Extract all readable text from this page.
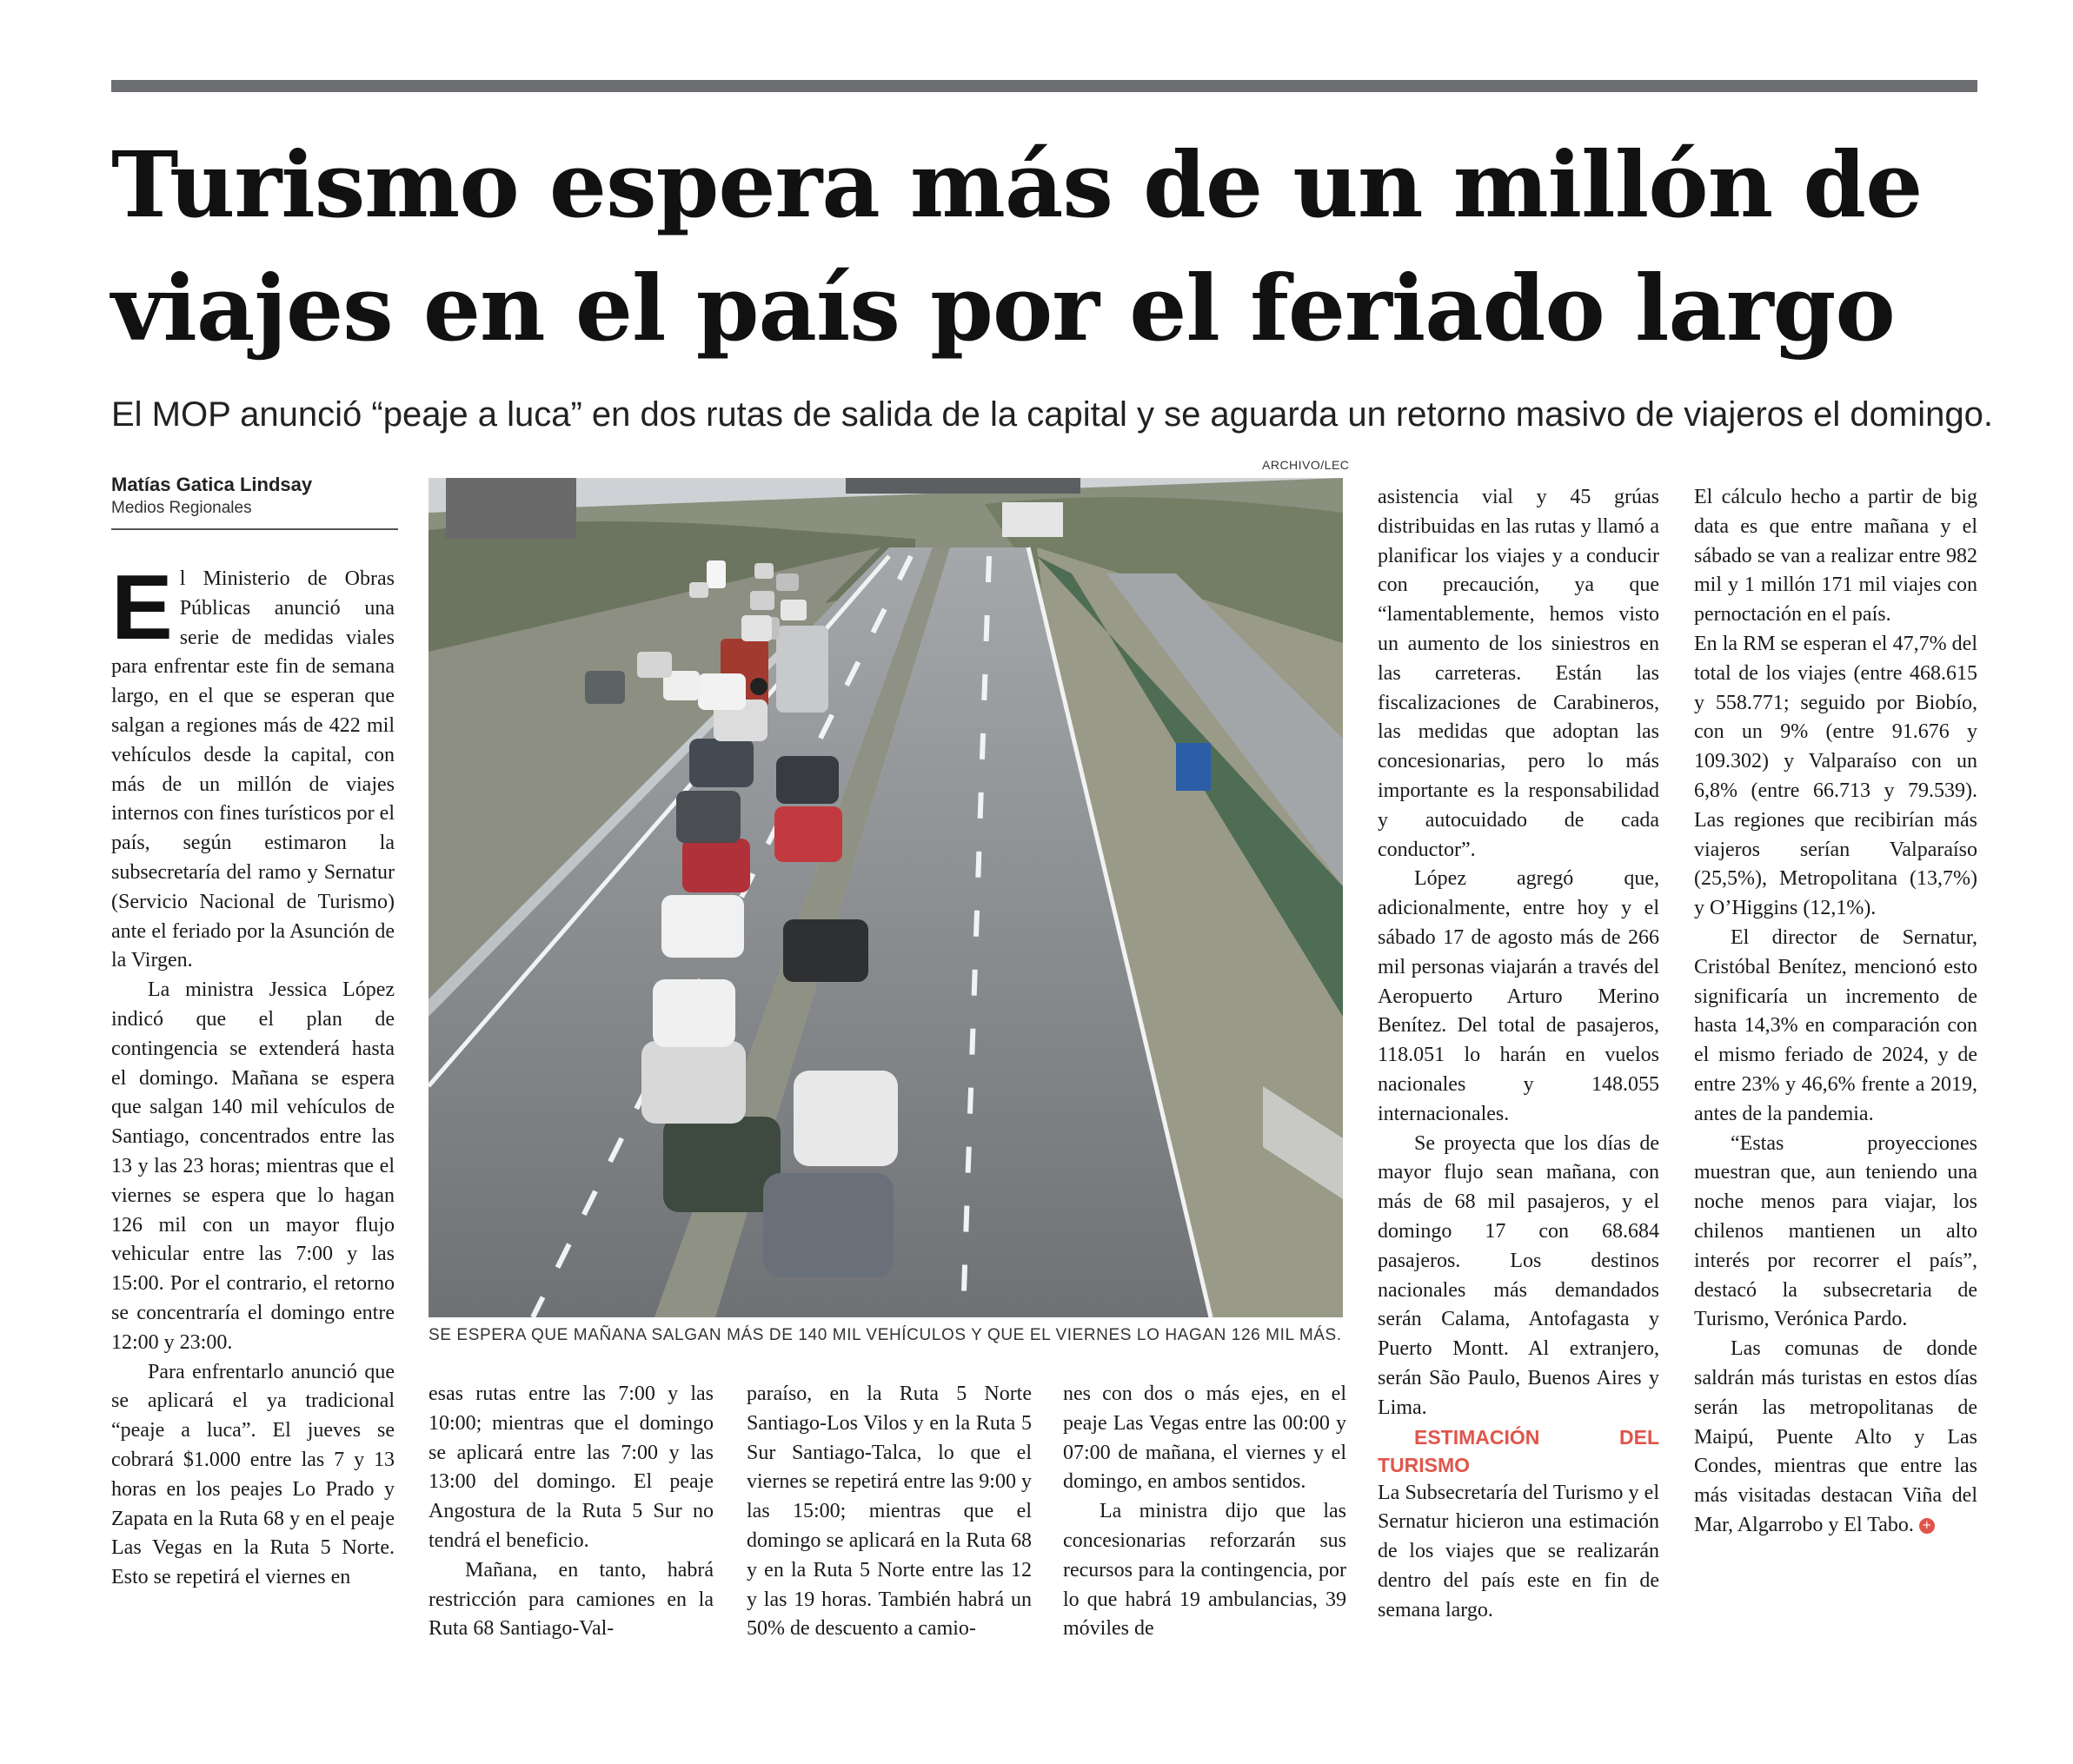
Turismo espera más de un millón de
viajes en el país por el feriado largo

El MOP anunció “peaje a luca” en dos rutas de salida de la capital y se aguarda un retorno masivo de viajeros el domingo.

Matías Gatica Lindsay
Medios Regionales

El Ministerio de Obras Públicas anunció una serie de medidas viales para enfrentar este fin de semana largo, en el que se esperan que salgan a regiones más de 422 mil vehículos desde la capital, con más de un millón de viajes internos con fines turísticos por el país, según estimaron la subsecretaría del ramo y Sernatur (Servicio Nacional de Turismo) ante el feriado por la Asunción de la Virgen.

La ministra Jessica López indicó que el plan de contingencia se extenderá hasta el domingo. Mañana se espera que salgan 140 mil vehículos de Santiago, concentrados entre las 13 y las 23 horas; mientras que el viernes se espera que lo hagan 126 mil con un mayor flujo vehicular entre las 7:00 y las 15:00. Por el contrario, el retorno se concentraría el domingo entre 12:00 y 23:00.

Para enfrentarlo anunció que se aplicará el ya tradicional “peaje a luca”. El jueves se cobrará $1.000 entre las 7 y 13 horas en los peajes Lo Prado y Zapata en la Ruta 68 y en el peaje Las Vegas en la Ruta 5 Norte. Esto se repetirá el viernes en

ARCHIVO/LEC
SE ESPERA QUE MAÑANA SALGAN MÁS DE 140 MIL VEHÍCULOS Y QUE EL VIERNES LO HAGAN 126 MIL MÁS.

esas rutas entre las 7:00 y las 10:00; mientras que el domingo se aplicará entre las 7:00 y las 13:00 del domingo. El peaje Angostura de la Ruta 5 Sur no tendrá el beneficio.

Mañana, en tanto, habrá restricción para camiones en la Ruta 68 Santiago-Val-

paraíso, en la Ruta 5 Norte Santiago-Los Vilos y en la Ruta 5 Sur Santiago-Talca, lo que el viernes se repetirá entre las 9:00 y las 15:00; mientras que el domingo se aplicará en la Ruta 68 y en la Ruta 5 Norte entre las 12 y las 19 horas. También habrá un 50% de descuento a camio-

nes con dos o más ejes, en el peaje Las Vegas entre las 00:00 y 07:00 de mañana, el viernes y el domingo, en ambos sentidos.

La ministra dijo que las concesionarias reforzarán sus recursos para la contingencia, por lo que habrá 19 ambulancias, 39 móviles de

asistencia vial y 45 grúas distribuidas en las rutas y llamó a planificar los viajes y a conducir con precaución, ya que “lamentablemente, hemos visto un aumento de los siniestros en las carreteras. Están las fiscalizaciones de Carabineros, las medidas que adoptan las concesionarias, pero lo más importante es la responsabilidad y autocuidado de cada conductor”.

López agregó que, adicionalmente, entre hoy y el sábado 17 de agosto más de 266 mil personas viajarán a través del Aeropuerto Arturo Merino Benítez. Del total de pasajeros, 118.051 lo harán en vuelos nacionales y 148.055 internacionales.

Se proyecta que los días de mayor flujo sean mañana, con más de 68 mil pasajeros, y el domingo 17 con 68.684 pasajeros. Los destinos nacionales más demandados serán Calama, Antofagasta y Puerto Montt. Al extranjero, serán São Paulo, Buenos Aires y Lima.

ESTIMACIÓN DEL TURISMO

La Subsecretaría del Turismo y el Sernatur hicieron una estimación de los viajes que se realizarán dentro del país este en fin de semana largo.

El cálculo hecho a partir de big data es que entre mañana y el sábado se van a realizar entre 982 mil y 1 millón 171 mil viajes con pernoctación en el país.

En la RM se esperan el 47,7% del total de los viajes (entre 468.615 y 558.771; seguido por Biobío, con un 9% (entre 91.676 y 109.302) y Valparaíso con un 6,8% (entre 66.713 y 79.539). Las regiones que recibirían más viajeros serían Valparaíso (25,5%), Metropolitana (13,7%) y O’Higgins (12,1%).

El director de Sernatur, Cristóbal Benítez, mencionó esto significaría un incremento de hasta 14,3% en comparación con el mismo feriado de 2024, y de entre 23% y 46,6% frente a 2019, antes de la pandemia.

“Estas proyecciones muestran que, aun teniendo una noche menos para viajar, los chilenos mantienen un alto interés por recorrer el país”, destacó la subsecretaria de Turismo, Verónica Pardo.

Las comunas de donde saldrán más turistas en estos días serán las metropolitanas de Maipú, Puente Alto y Las Condes, mientras que entre las más visitadas destacan Viña del Mar, Algarrobo y El Tabo. +
